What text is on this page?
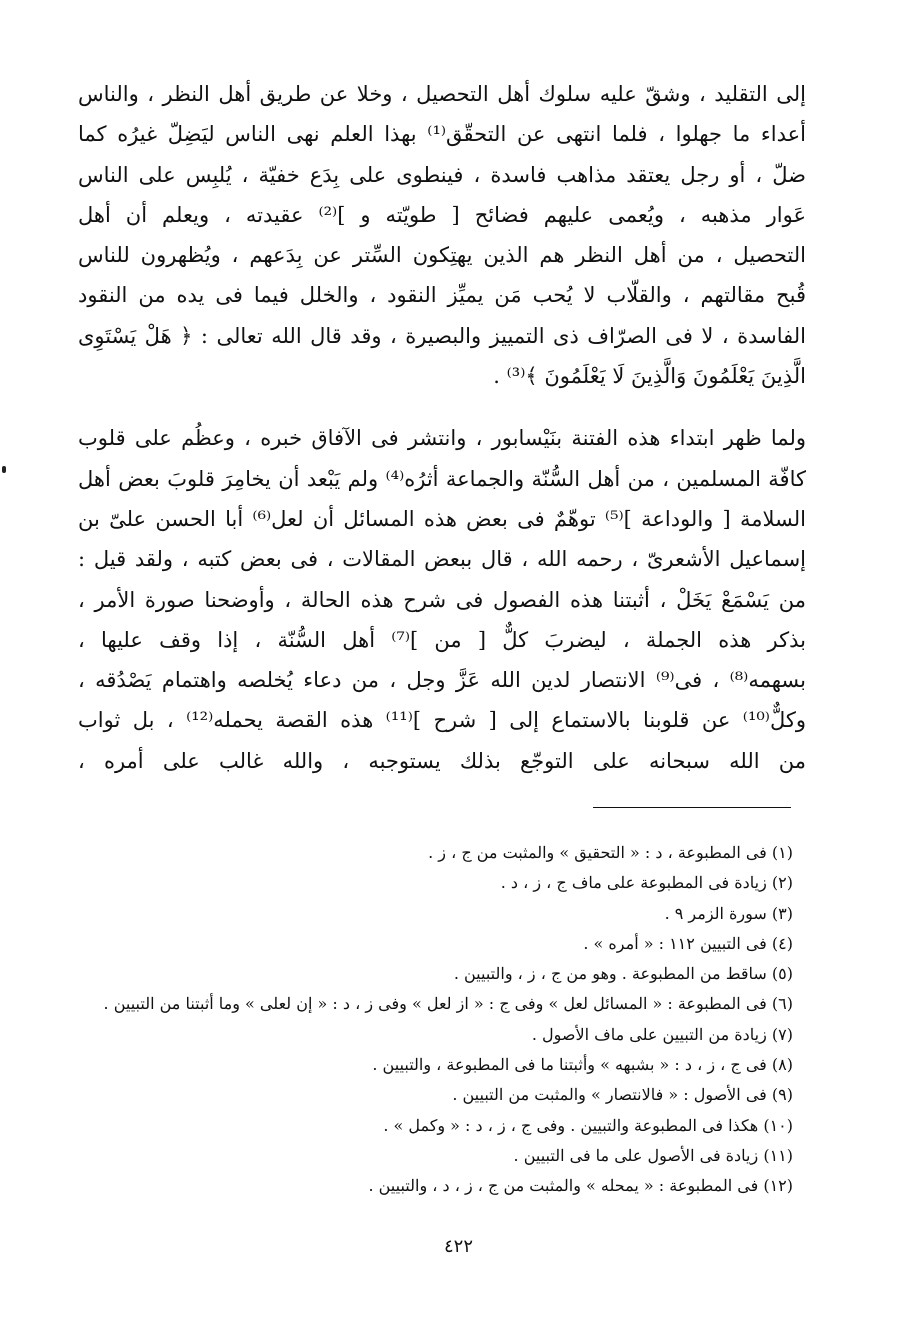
إلى التقليد ، وشقّ عليه سلوك أهل التحصيل ، وخلا عن طريق أهل النظر ، والناس
أعداء ما جهلوا ، فلما انتهى عن التحقّق⁽¹⁾ بهذا العلم نهى الناس ليَضِلّ غيرُه كما
ضلّ ، أو رجل يعتقد مذاهب فاسدة ، فينطوى على بِدَع خفيّة ، يُلبِس على الناس
عَوار مذهبه ، ويُعمى عليهم فضائح [ طويّته و ]⁽²⁾ عقيدته ، ويعلم أن أهل
التحصيل ، من أهل النظر هم الذين يهتِكون السِّتر عن بِدَعهم ، ويُظهرون للناس
قُبح مقالتهم ، والقلّاب لا يُحب مَن يميِّز النقود ، والخلل فيما فى يده من النقود
الفاسدة ، لا فى الصرّاف ذى التمييز والبصيرة ، وقد قال الله تعالى : ﴿ هَلْ يَسْتَوِى
الَّذِينَ يَعْلَمُونَ وَالَّذِينَ لَا يَعْلَمُونَ ﴾⁽³⁾ .
ولما ظهر ابتداء هذه الفتنة بنَيْسابور ، وانتشر فى الآفاق خبره ، وعظُم على قلوب
كافّة المسلمين ، من أهل السُّنّة والجماعة أثرُه⁽⁴⁾ ولم يَبْعد أن يخامِرَ قلوبَ بعض أهل
السلامة [ والوداعة ]⁽⁵⁾ توهّمٌ فى بعض هذه المسائل أن لعل⁽⁶⁾ أبا الحسن علىّ بن
إسماعيل الأشعرىّ ، رحمه الله ، قال ببعض المقالات ، فى بعض كتبه ، ولقد قيل :
من يَسْمَعْ يَخَلْ ، أثبتنا هذه الفصول فى شرح هذه الحالة ، وأوضحنا صورة الأمر ،
بذكر هذه الجملة ، ليضربَ كلٌّ [ من ]⁽⁷⁾ أهل السُّنّة ، إذا وقف عليها ،
بسهمه⁽⁸⁾ ، فى⁽⁹⁾ الانتصار لدين الله عَزَّ وجل ، من دعاء يُخلصه واهتمام يَصْدُقه ،
وكلٌّ⁽¹⁰⁾ عن قلوبنا بالاستماع إلى [ شرح ]⁽¹¹⁾ هذه القصة يحمله⁽¹²⁾ ، بل ثواب
من الله سبحانه على التوجّع بذلك يستوجبه ، والله غالب على أمره ،
(١) فى المطبوعة ، د : « التحقيق » والمثبت من ج ، ز .
(٢) زيادة فى المطبوعة على ماف ج ، ز ، د .
(٣) سورة الزمر ٩ .
(٤) فى التبيين ١١٢ : « أمره » .
(٥) ساقط من المطبوعة . وهو من ج ، ز ، والتبيين .
(٦) فى المطبوعة : « المسائل لعل » وفى ج : « از لعل » وفى ز ، د : « إن لعلى » وما أثبتنا من التبيين .
(٧) زيادة من التبيين على ماف الأصول .
(٨) فى ج ، ز ، د : « بشبهه » وأثبتنا ما فى المطبوعة ، والتبيين .
(٩) فى الأصول : « فالانتصار » والمثبت من التبيين .
(١٠) هكذا فى المطبوعة والتبيين . وفى ج ، ز ، د : « وكمل » .
(١١) زيادة فى الأصول على ما فى التبيين .
(١٢) فى المطبوعة : « يمحله » والمثبت من ج ، ز ، د ، والتبيين .
٤٢٢
